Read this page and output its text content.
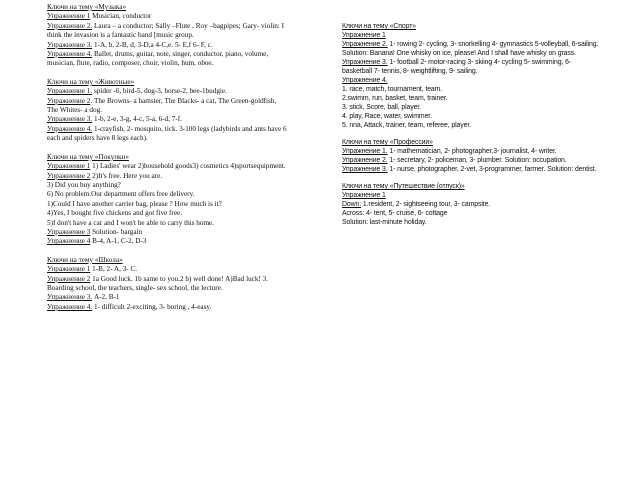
Ключи на тему «Музыка»
Упражнение 1 Musician, conductor
Упражнение 2. Laura – a conductor; Sally –Flute , Roy –bagpipes; Gary- violin: I think the invasion is a fantastic band [music group.
Упражнение 3. 1-A, b, 2-B, d, 3-D,a 4-C,e. 5- E,f 6- F, c.
Упражнение 4. Ballet, drums, guitar, note, singer, conductor, piano, volume, musician, flute, radio, composer, choir, violin, hum, oboe.
Ключи на тему «Животные»
Упражнение 1. spider -6, bird-5, dog-3, horse-2, bee-1budgie.
Упражнение 2. The Browns- a hamster, The Blacks- a cat, The Green-goldfish, The Whites- a dog.
Упражнение 3. 1-b, 2-e, 3-g, 4-c, 5-a, 6-d, 7-f.
Упражнение 4. 1-crayfish, 2- mosquito, tick. 3-100 legs (ladybirds and ants have 6 each and spiders have 8 legs each).
Ключи на тему «Покупки»
Упражнение 1 1) Ladies' wear 2)household goods3) cosmetics 4)sportsequipment.
Упражнение 2 2)It's free. Here you are.
3) Did you buy anything?
6) No problem.Our department offers free delivery.
1)Could I have another carrier bag, please ? How much is it?
4)Yes, I bought five chickens and got five free.
5)I don't have a car and I won't be able to carry this home.
Упражнение 3 Solution- bargain
Упражнение 4 B-4, A-1, C-2, D-3
Ключи на тему «Школа»
Упражнение 1 1-B, 2- A, 3- C.
Упражнение 2 1a Good luck. 1b same to you.2 b) well done! A)Bad luck! 3. Boarding school, the teachers, single- sex school, the lecture.
Упражнение 3. A-2, B-1
Упражнение 4. 1- difficult 2-exciting, 3- boring , 4-easy.
Ключи на тему «Спорт»
Упражнение 1
Упражнение 2. 1- rowing 2- cycling, 3- snorkelling 4- gymnastics 5-volleyball, 6-sailing.
Solution: Banana! One whisky on ice, please! And I shall have whisky on grass.
Упражнение 3. 1- football 2- motor-racing 3- skiing 4- cycling 5- swimming, 6- basketball 7- tennis, 8- weightlifting, 9- sailing.
Упражнение 4.
1. race, match, tournament, team.
2.swimm, run, basket, team, trainer.
3. stick, Score, ball, player.
4. play, Race, water, swimmer.
5. nna, Attack, trainer, team, referee, player.
Ключи на тему «Профессии»
Упражнение 1. 1- mathematician, 2- photographer,3- journalist, 4- writer.
Упражнение 2. 1- secretary, 2- policeman, 3- plumber. Solution: occupation.
Упражнение 3. 1- nurse, photographer, 2-vet, 3-programmer, farmer. Solution: dentist.
Ключи на тему «Путешествие (отпуск)»
Упражнение 1
Down: 1.resident, 2- sightseeing tour, 3- campsite.
Across: 4- tent, 5- cruise, 6- cottage
Solution: last-minute holiday.
